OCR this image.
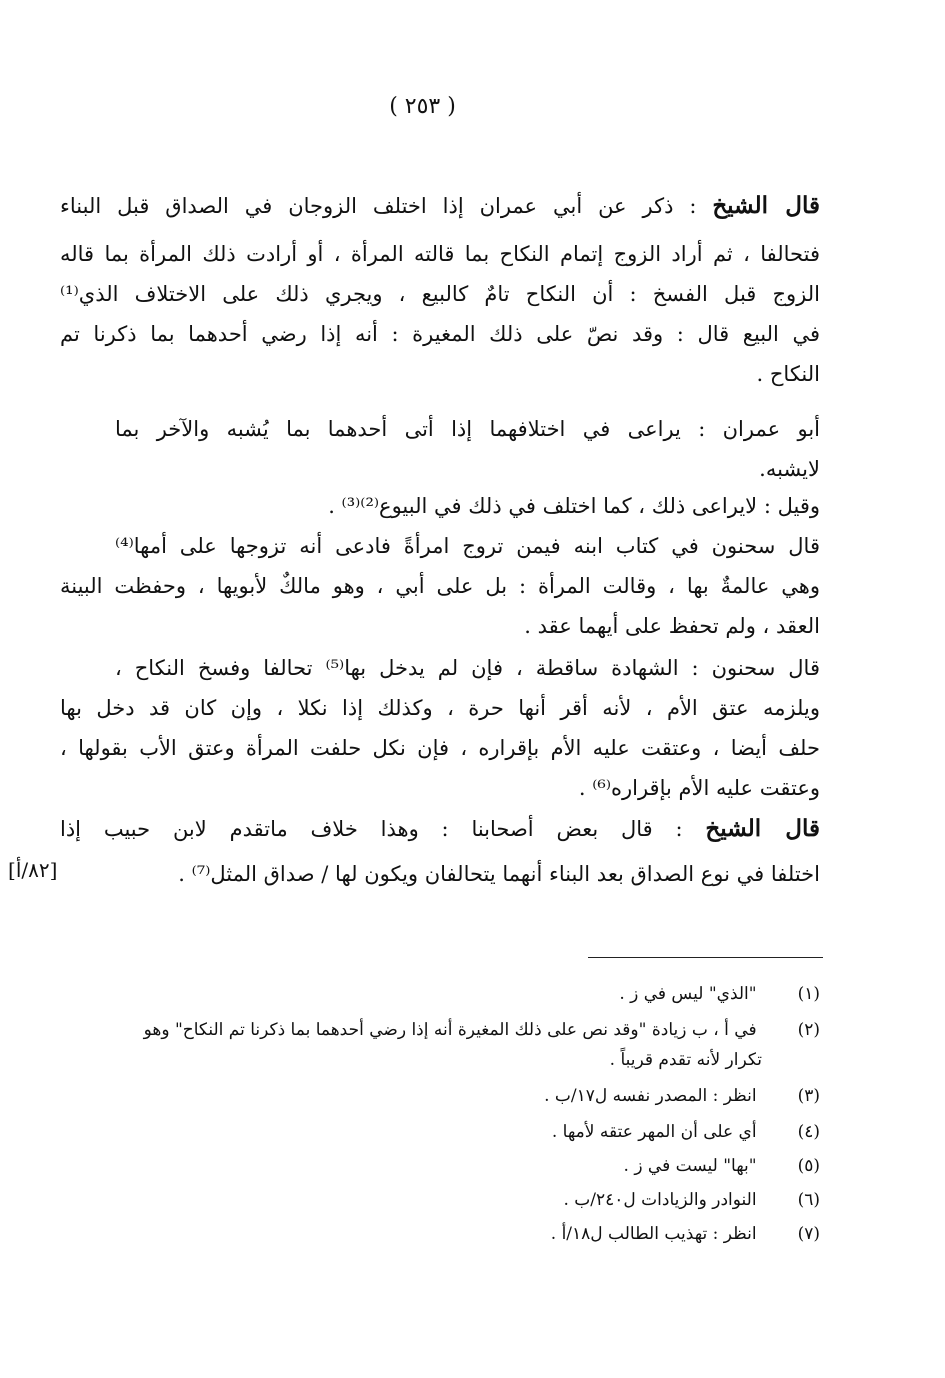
( ٢٥٣ )
قال الشيخ : ذكر عن أبي عمران إذا اختلف الزوجان في الصداق قبل البناء
فتحالفا ، ثم أراد الزوج إتمام النكاح بما قالته المرأة ، أو أرادت ذلك المرأة بما قاله
الزوج قبل الفسخ : أن النكاح تامٌ كالبيع ، ويجري ذلك على الاختلاف الذي⁽¹⁾
في البيع قال : وقد نصّ على ذلك المغيرة : أنه إذا رضي أحدهما بما ذكرنا تم
النكاح .
أبو عمران : يراعى في اختلافهما إذا أتى أحدهما بما يُشبه والآخر بما
لايشبه.
وقيل : لايراعى ذلك ، كما اختلف في ذلك في البيوع⁽²⁾⁽³⁾ .
قال سحنون في كتاب ابنه فيمن تروج امرأةً فادعى أنه تزوجها على أمها⁽⁴⁾
وهي عالمةٌ بها ، وقالت المرأة : بل على أبي ، وهو مالكٌ لأبويها ، وحفظت البينة
العقد ، ولم تحفظ على أيهما عقد .
قال سحنون : الشهادة ساقطة ، فإن لم يدخل بها⁽⁵⁾ تحالفا وفسخ النكاح ،
ويلزمه عتق الأم ، لأنه أقر أنها حرة ، وكذلك إذا نكلا ، وإن كان قد دخل بها
حلف أيضا ، وعتقت عليه الأم بإقراره ، فإن نكل حلفت المرأة وعتق الأب بقولها ،
وعتقت عليه الأم بإقراره⁽⁶⁾ .
قال الشيخ : قال بعض أصحابنا : وهذا خلاف ماتقدم لابن حبيب إذا
اختلفا في نوع الصداق بعد البناء أنهما يتحالفان ويكون لها / صداق المثل⁽⁷⁾ .
[٨٢/أ]
(١) "الذي" ليس في ز .
(٢) في أ ، ب زيادة "وقد نص على ذلك المغيرة أنه إذا رضي أحدهما بما ذكرنا تم النكاح" وهو
تكرار لأنه تقدم قريباً .
(٣) انظر : المصدر نفسه ل١٧/ب .
(٤) أي على أن المهر عتقه لأمها .
(٥) "بها" ليست في ز .
(٦) النوادر والزيادات ل٢٤٠/ب .
(٧) انظر : تهذيب الطالب ل١٨/أ .
